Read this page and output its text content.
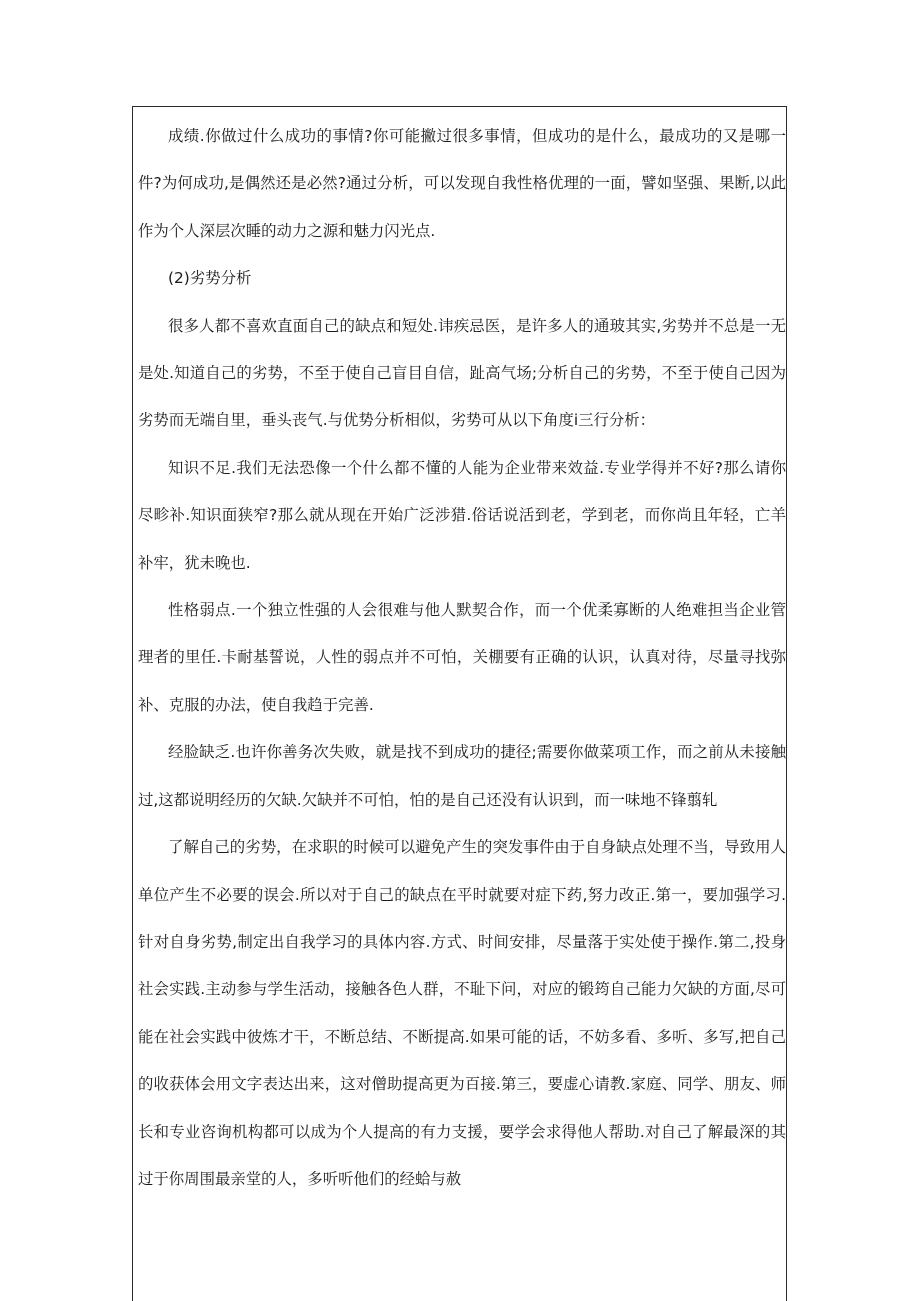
成绩.你做过什么成功的事情?你可能撇过很多事情，但成功的是什么，最成功的又是哪一件?为何成功,是偶然还是必然?通过分析，可以发现自我性格优理的一面，譬如坚强、果断,以此作为个人深层次睡的动力之源和魅力闪光点.

(2)劣势分析

很多人都不喜欢直面自己的缺点和短处.讳疾忌医，是许多人的通玻其实,劣势并不总是一无是处.知道自己的劣势，不至于使自己盲目自信，趾高气场;分析自己的劣势，不至于使自己因为劣势而无端自里，垂头丧气.与优势分析相似，劣势可从以下角度i三行分析：

知识不足.我们无法恐像一个什么都不懂的人能为企业带来效益.专业学得并不好?那么请你尽畛补.知识面狭窄?那么就从现在开始广泛涉猎.俗话说活到老，学到老，而你尚且年轻，亡羊补牢，犹未晚也.

性格弱点.一个独立性强的人会很难与他人默契合作，而一个优柔寡断的人绝难担当企业管理者的里任.卡耐基誓说，人性的弱点并不可怕，关棚要有正确的认识，认真对待，尽量寻找弥补、克服的办法，使自我趋于完善.

经脸缺乏.也许你善务次失败，就是找不到成功的捷径;需要你做菜项工作，而之前从未接触过,这都说明经历的欠缺.欠缺并不可怕，怕的是自己还没有认识到，而一味地不锋翦轧

了解自己的劣势，在求职的时候可以避免产生的突发事件由于自身缺点处理不当，导致用人单位产生不必要的误会.所以对于自己的缺点在平时就要对症下药,努力改正.第一，要加强学习.针对自身劣势,制定出自我学习的具体内容.方式、时间安排，尽量落于实处使于操作.第二,投身社会实践.主动参与学生活动，接触各色人群，不耻下问，对应的锻筠自己能力欠缺的方面,尽可能在社会实践中彼炼才干，不断总结、不断提高.如果可能的话，不妨多看、多听、多写,把自己的收获体会用文字表达出来，这对僧助提高更为百接.第三，要虚心请教.家庭、同学、朋友、师长和专业咨询机构都可以成为个人提高的有力支援，要学会求得他人帮助.对自己了解最深的其过于你周围最亲堂的人，多听听他们的经蛤与赦
